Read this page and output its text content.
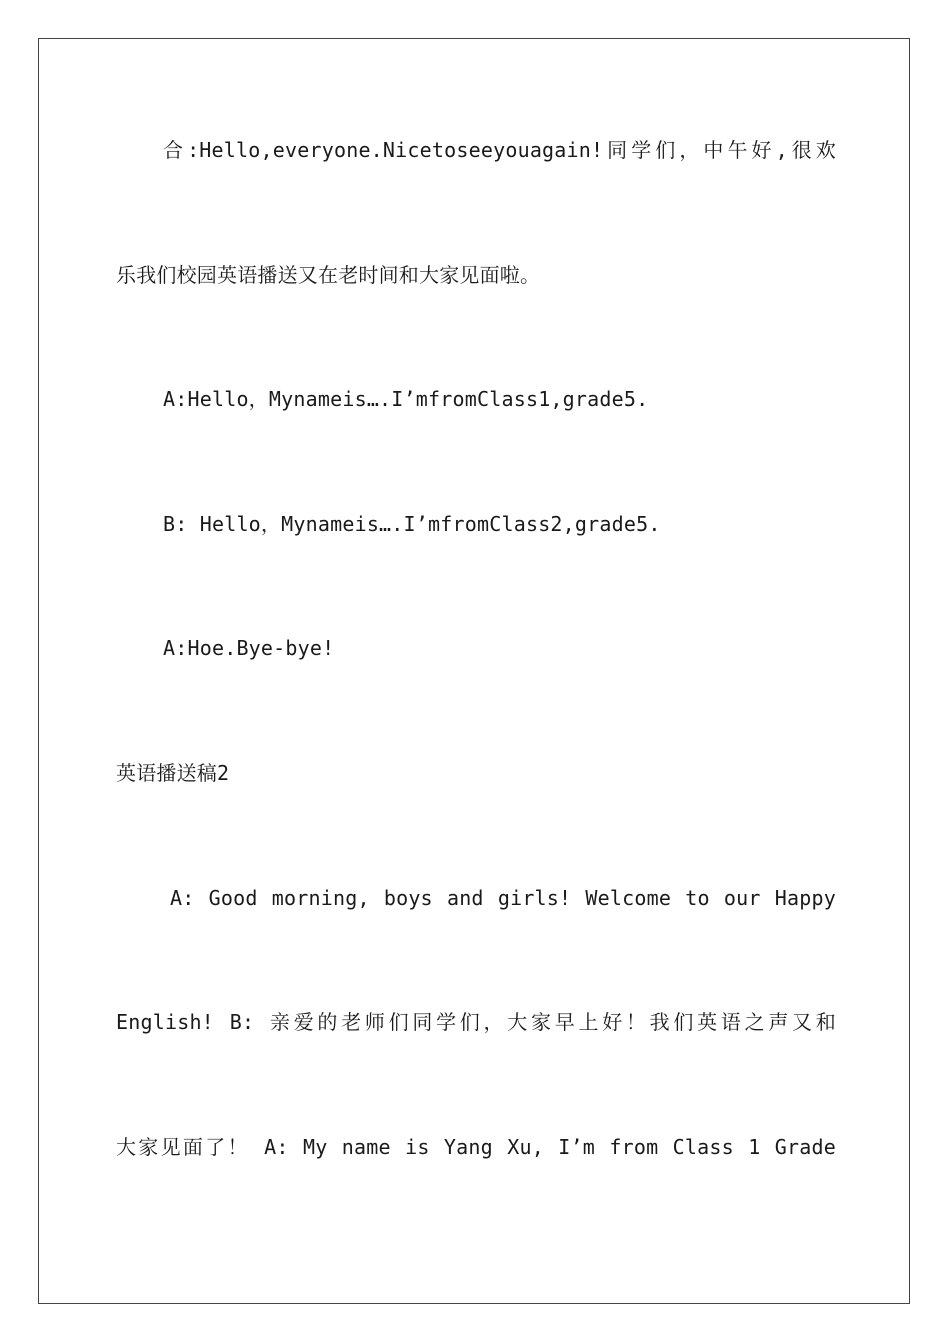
合:Hello,everyone.Nicetoseeyouagain!同学们，中午好,很欢
乐我们校园英语播送又在老时间和大家见面啦。
A:Hello，Mynameis….I’mfromClass1,grade5.
B: Hello，Mynameis….I’mfromClass2,grade5.
A:Hoe.Bye-bye!
英语播送稿2
A: Good morning, boys and girls! Welcome to our Happy
English! B: 亲爱的老师们同学们，大家早上好！我们英语之声又和
大家见面了！ A: My name is Yang Xu, I’m from Class 1 Grade
